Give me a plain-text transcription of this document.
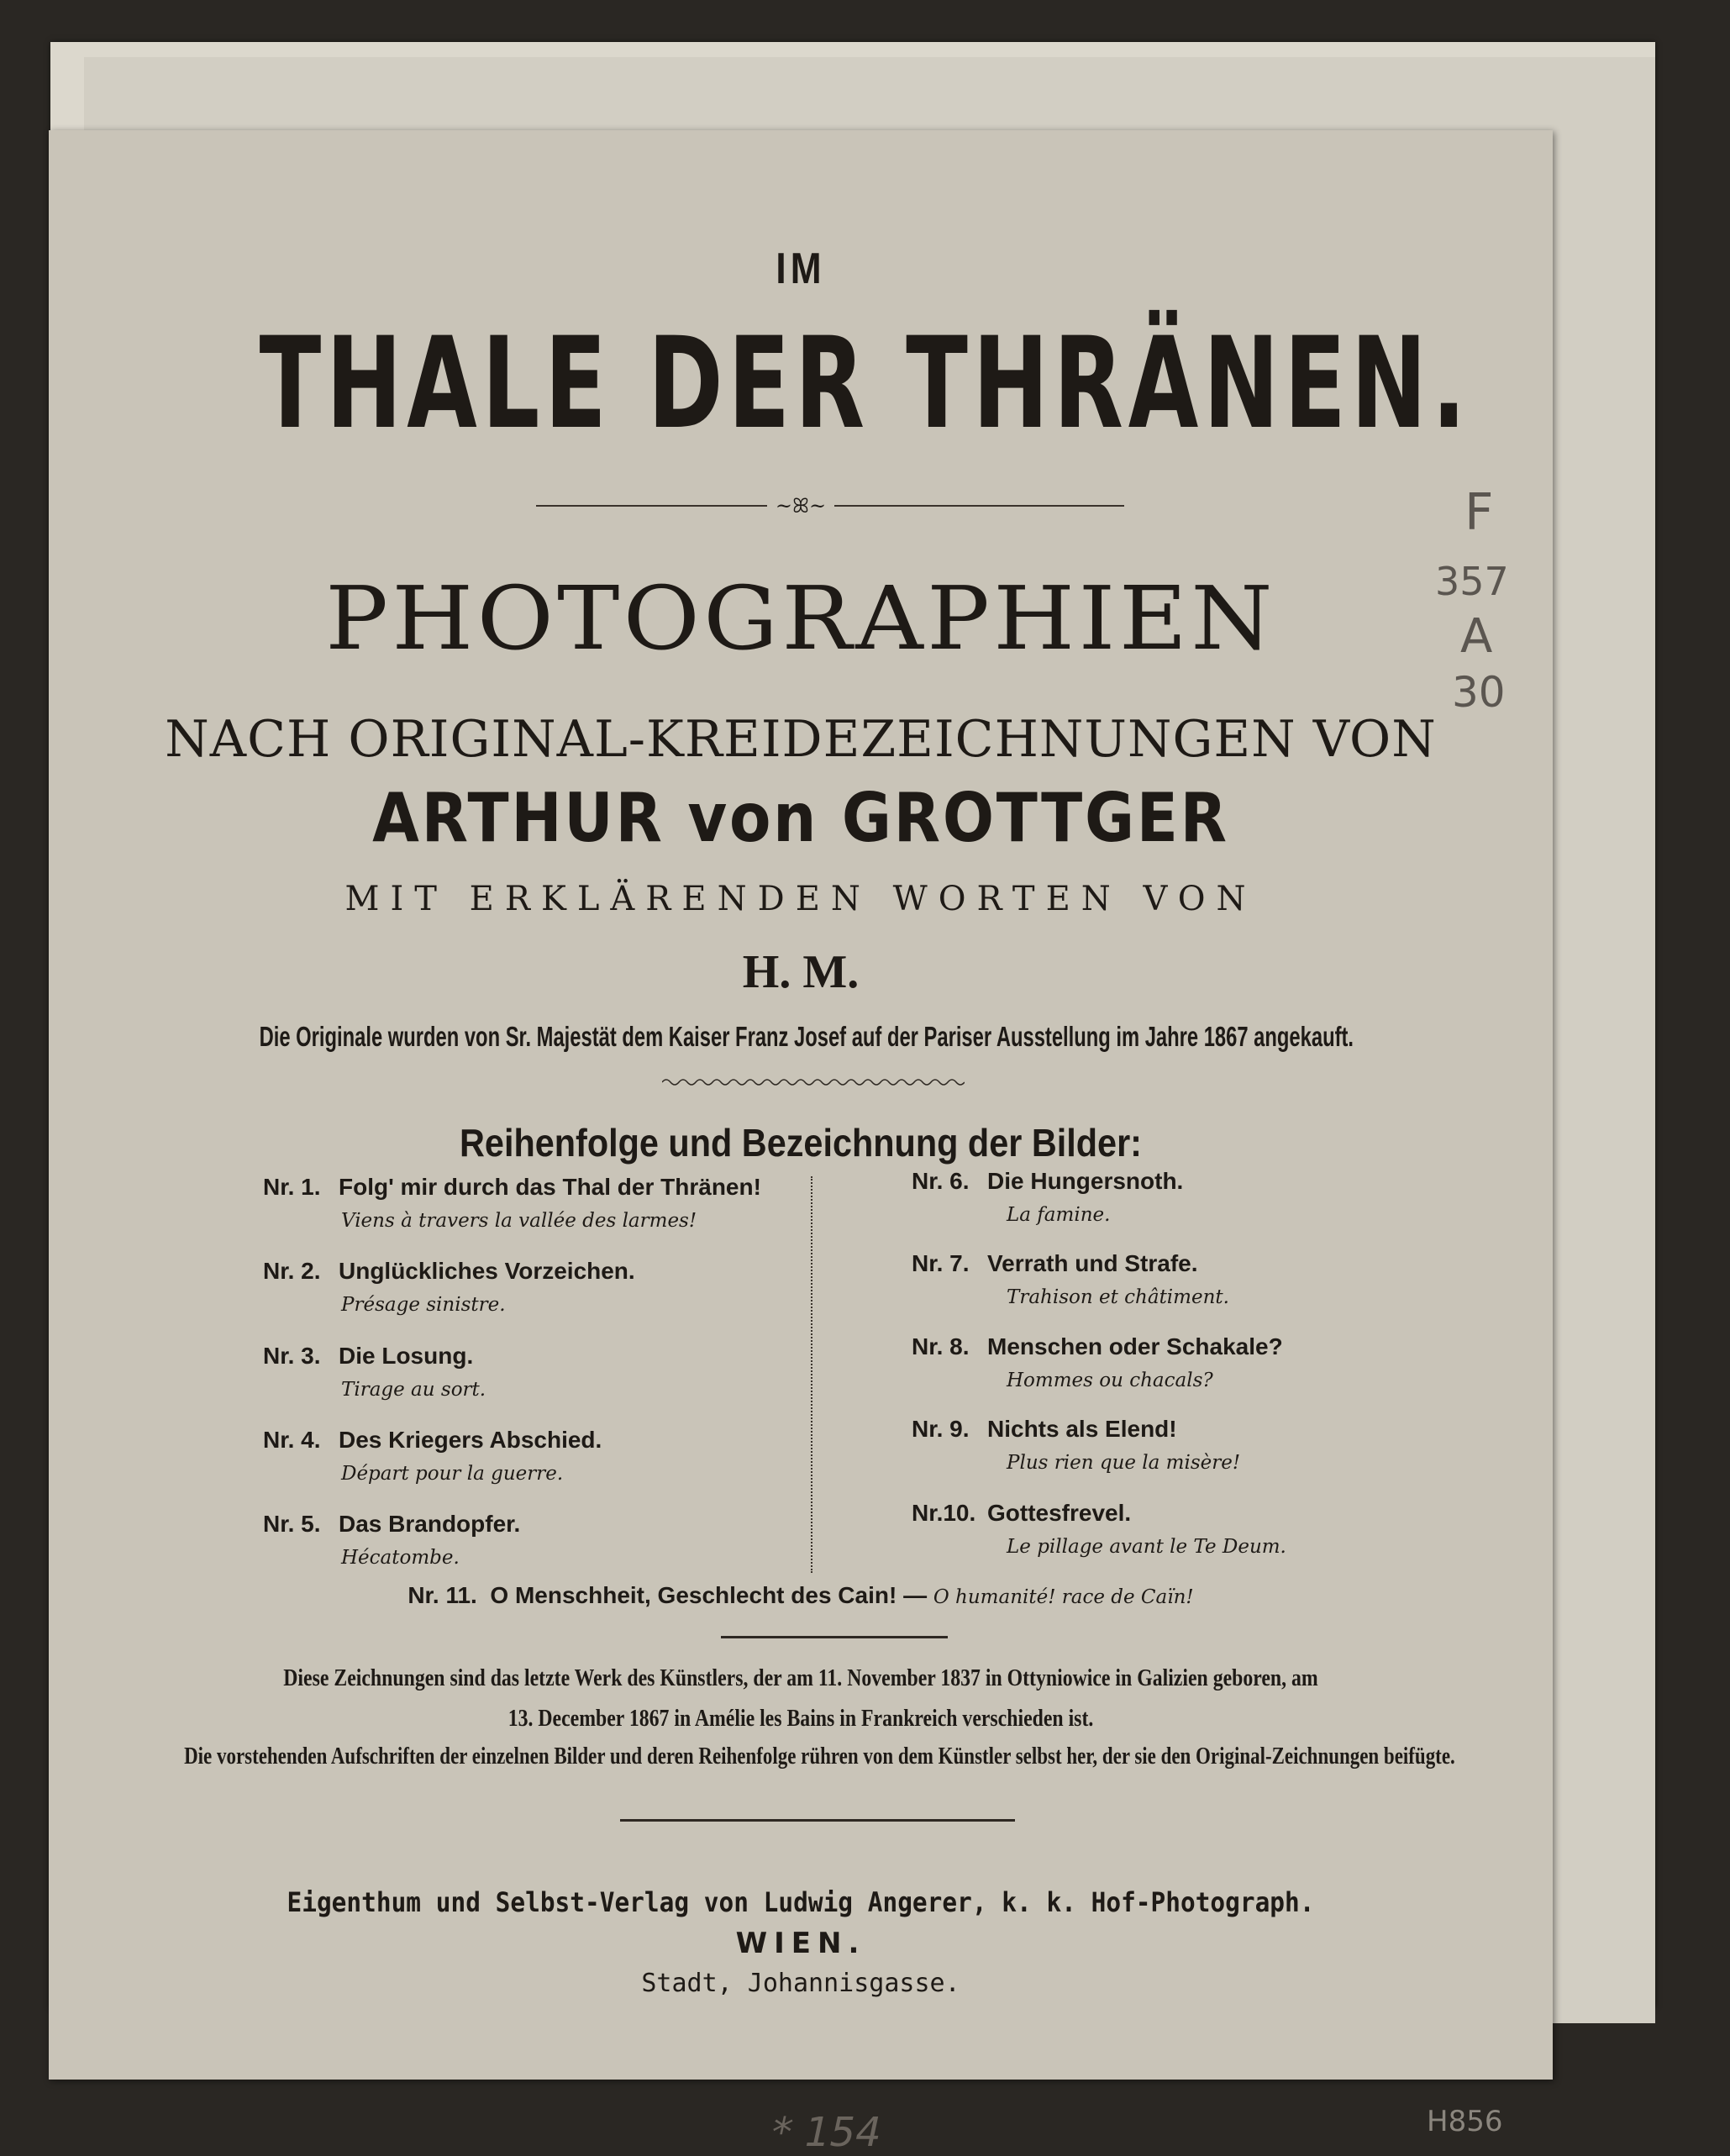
IM
THALE DER THRÄNEN.
~ꕤ~
PHOTOGRAPHIEN
NACH ORIGINAL-KREIDEZEICHNUNGEN VON
ARTHUR von GROTTGER
MIT ERKLÄRENDEN WORTEN VON
H. M.
Die Originale wurden von Sr. Majestät dem Kaiser Franz Josef auf der Pariser Ausstellung im Jahre 1867 angekauft.
Reihenfolge und Bezeichnung der Bilder:
Nr. 1. Folg' mir durch das Thal der Thränen!
Viens à travers la vallée des larmes!
Nr. 2. Unglückliches Vorzeichen.
Présage sinistre.
Nr. 3. Die Losung.
Tirage au sort.
Nr. 4. Des Kriegers Abschied.
Départ pour la guerre.
Nr. 5. Das Brandopfer.
Hécatombe.
Nr. 6. Die Hungersnoth.
La famine.
Nr. 7. Verrath und Strafe.
Trahison et châtiment.
Nr. 8. Menschen oder Schakale?
Hommes ou chacals?
Nr. 9. Nichts als Elend!
Plus rien que la misère!
Nr.10. Gottesfrevel.
Le pillage avant le Te Deum.
Nr. 11. O Menschheit, Geschlecht des Cain! — O humanité! race de Caïn!
Diese Zeichnungen sind das letzte Werk des Künstlers, der am 11. November 1837 in Ottyniowice in Galizien geboren, am
13. December 1867 in Amélie les Bains in Frankreich verschieden ist.
Die vorstehenden Aufschriften der einzelnen Bilder und deren Reihenfolge rühren von dem Künstler selbst her, der sie den Original-Zeichnungen beifügte.
Eigenthum und Selbst-Verlag von Ludwig Angerer, k. k. Hof-Photograph.
WIEN.
Stadt, Johannisgasse.
F
357
A
30
* 154	H856
